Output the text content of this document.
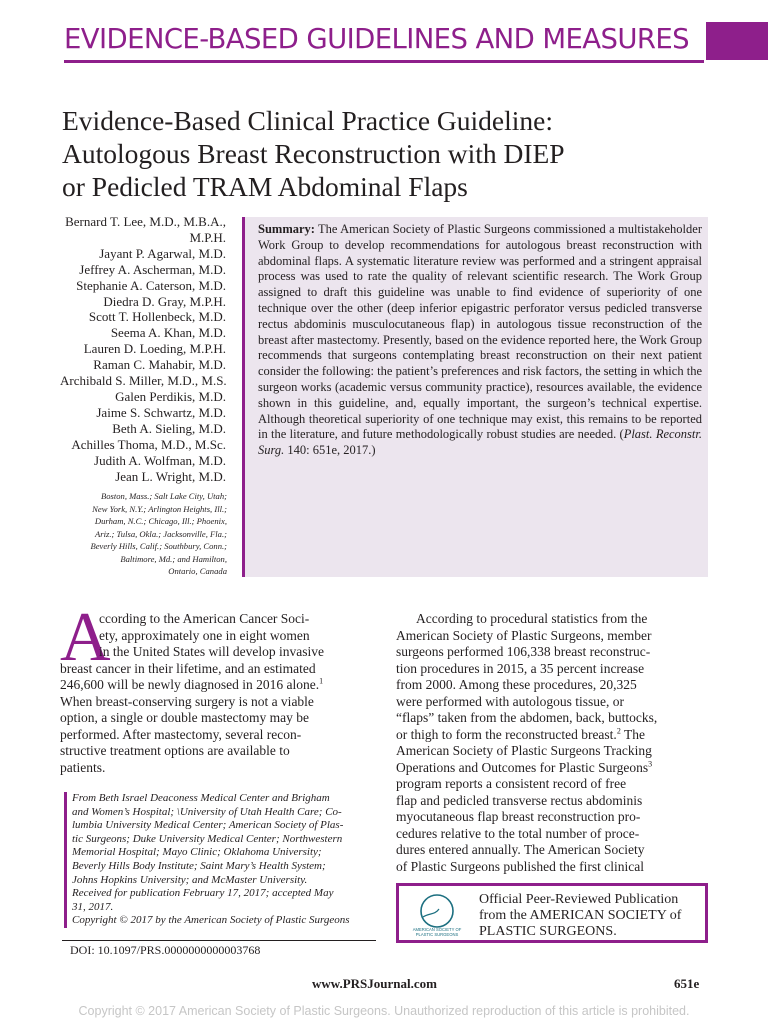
EVIDENCE-BASED GUIDELINES AND MEASURES
Evidence-Based Clinical Practice Guideline:
Autologous Breast Reconstruction with DIEP
or Pedicled TRAM Abdominal Flaps
Bernard T. Lee, M.D., M.B.A.,
M.P.H.
Jayant P. Agarwal, M.D.
Jeffrey A. Ascherman, M.D.
Stephanie A. Caterson, M.D.
Diedra D. Gray, M.P.H.
Scott T. Hollenbeck, M.D.
Seema A. Khan, M.D.
Lauren D. Loeding, M.P.H.
Raman C. Mahabir, M.D.
Archibald S. Miller, M.D., M.S.
Galen Perdikis, M.D.
Jaime S. Schwartz, M.D.
Beth A. Sieling, M.D.
Achilles Thoma, M.D., M.Sc.
Judith A. Wolfman, M.D.
Jean L. Wright, M.D.
Boston, Mass.; Salt Lake City, Utah;
New York, N.Y.; Arlington Heights, Ill.;
Durham, N.C.; Chicago, Ill.; Phoenix,
Ariz.; Tulsa, Okla.; Jacksonville, Fla.;
Beverly Hills, Calif.; Southbury, Conn.;
Baltimore, Md.; and Hamilton,
Ontario, Canada
Summary: The American Society of Plastic Surgeons commissioned a multistakeholder Work Group to develop recommendations for autologous breast reconstruction with abdominal flaps. A systematic literature review was performed and a stringent appraisal process was used to rate the quality of relevant scientific research. The Work Group assigned to draft this guideline was unable to find evidence of superiority of one technique over the other (deep inferior epigastric perforator versus pedicled transverse rectus abdominis musculocutaneous flap) in autologous tissue reconstruction of the breast after mastectomy. Presently, based on the evidence reported here, the Work Group recommends that surgeons contemplating breast reconstruction on their next patient consider the following: the patient’s preferences and risk factors, the setting in which the surgeon works (academic versus community practice), resources available, the evidence shown in this guideline, and, equally important, the surgeon’s technical expertise. Although theoretical superiority of one technique may exist, this remains to be reported in the literature, and future methodologically robust studies are needed. (Plast. Reconstr. Surg. 140: 651e, 2017.)
A
ccording to the American Cancer Soci-
ety, approximately one in eight women
in the United States will develop invasive
breast cancer in their lifetime, and an estimated
246,600 will be newly diagnosed in 2016 alone.$^1$
When breast-conserving surgery is not a viable
option, a single or double mastectomy may be
performed. After mastectomy, several recon-
structive treatment options are available to
patients.
From Beth Israel Deaconess Medical Center and Brigham
and Women’s Hospital; \University of Utah Health Care; Co-
lumbia University Medical Center; American Society of Plas-
tic Surgeons; Duke University Medical Center; Northwestern
Memorial Hospital; Mayo Clinic; Oklahoma University;
Beverly Hills Body Institute; Saint Mary’s Health System;
Johns Hopkins University; and McMaster University.
Received for publication February 17, 2017; accepted May
31, 2017.
Copyright © 2017 by the American Society of Plastic Surgeons
DOI: 10.1097/PRS.0000000000003768
According to procedural statistics from the
American Society of Plastic Surgeons, member
surgeons performed 106,338 breast reconstruc-
tion procedures in 2015, a 35 percent increase
from 2000. Among these procedures, 20,325
were performed with autologous tissue, or
“flaps” taken from the abdomen, back, buttocks,
or thigh to form the reconstructed breast.$^2$ The
American Society of Plastic Surgeons Tracking
Operations and Outcomes for Plastic Surgeons$^3$
program reports a consistent record of free
flap and pedicled transverse rectus abdominis
myocutaneous flap breast reconstruction pro-
cedures relative to the total number of proce-
dures entered annually. The American Society
of Plastic Surgeons published the first clinical
AMERICAN SOCIETY OF
PLASTIC SURGEONS
Official Peer-Reviewed Publication
from the AMERICAN SOCIETY of
PLASTIC SURGEONS.
www.PRSJournal.com	651e
Copyright © 2017 American Society of Plastic Surgeons. Unauthorized reproduction of this article is prohibited.
